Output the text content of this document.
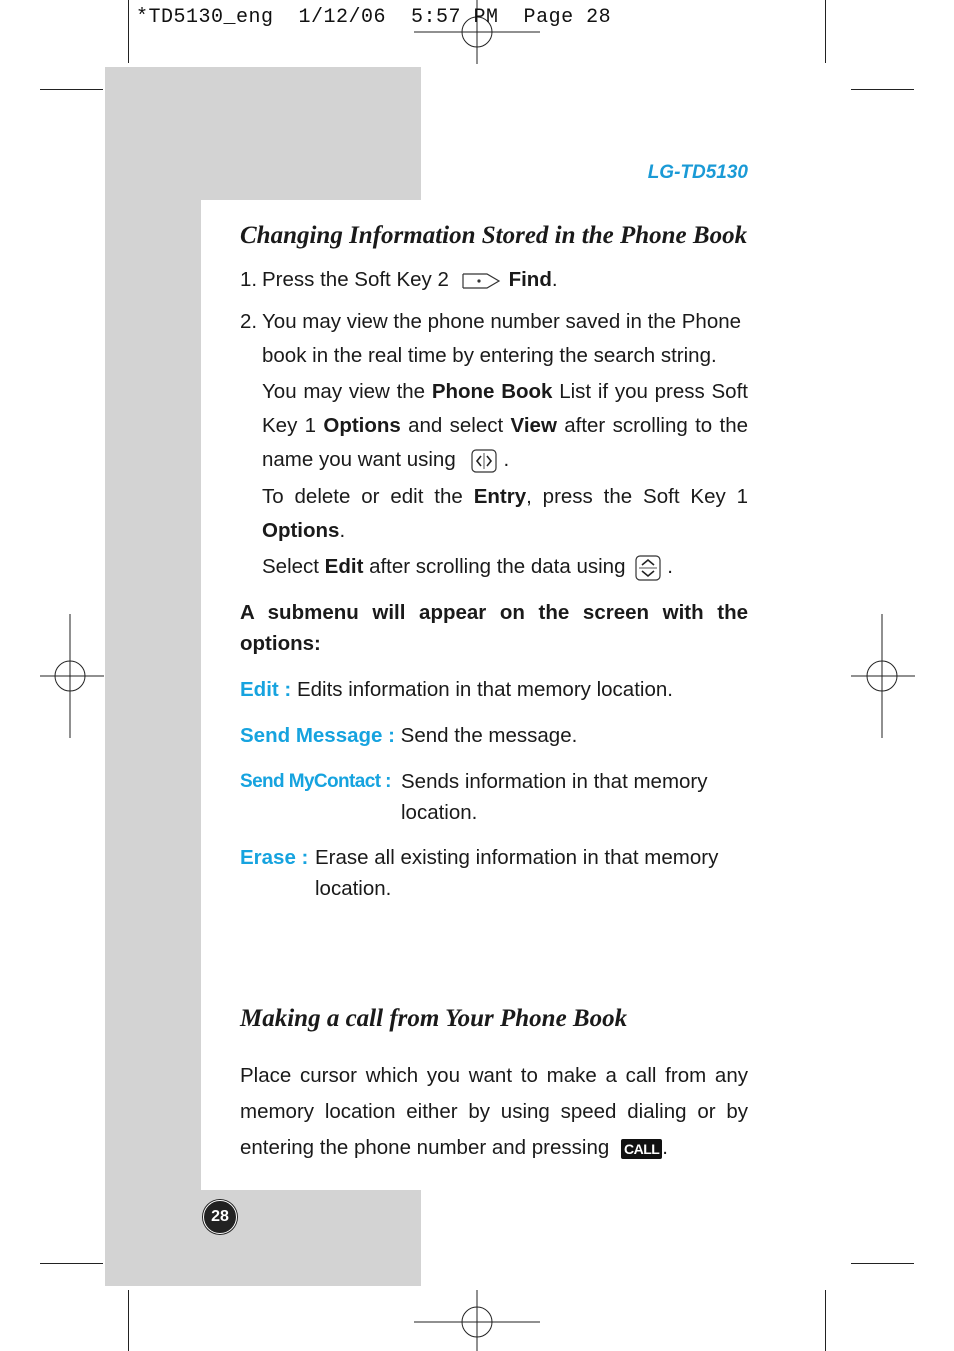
*TD5130_eng  1/12/06  5:57 PM  Page 28
LG-TD5130
Changing Information Stored in the Phone Book
1. Press the Soft Key 2	Find.
2. You may view the phone number saved in the Phone book in the real time by entering the search string.
You may view the Phone Book List if you press Soft Key 1 Options and select View after scrolling to the name you want using .
To delete or edit the Entry, press the Soft Key 1 Options.
Select Edit after scrolling the data using .
A submenu will appear on the screen with the options:
Edit : Edits information in that memory location.
Send Message : Send the message.
Send MyContact : Sends information in that memory location.
Erase : Erase all existing information in that memory location.
Making a call from Your Phone Book
Place cursor which you want to make a call from any memory location either by using speed dialing or by entering the phone number and pressing CALL .
28
